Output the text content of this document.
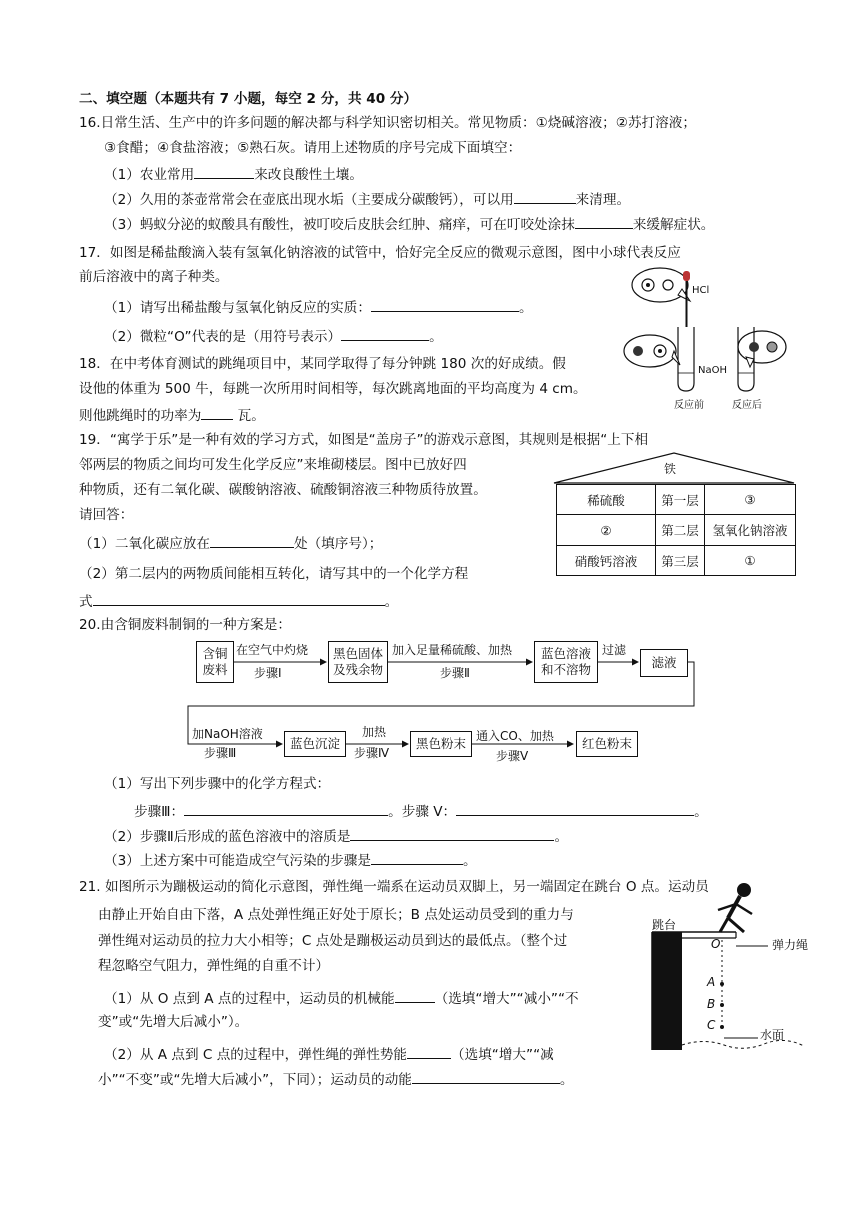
二、填空题（本题共有 7 小题，每空 2 分，共 40 分）
16.日常生活、生产中的许多问题的解决都与科学知识密切相关。常见物质：①烧碱溶液；②苏打溶液；
③食醋；④食盐溶液；⑤熟石灰。请用上述物质的序号完成下面填空：
（1）农业常用	来改良酸性土壤。
（2）久用的茶壶常常会在壶底出现水垢（主要成分碳酸钙），可以用	来清理。
（3）蚂蚁分泌的蚁酸具有酸性，被叮咬后皮肤会红肿、痛痒，可在叮咬处涂抹	来缓解症状。
17．如图是稀盐酸滴入装有氢氧化钠溶液的试管中，恰好完全反应的微观示意图，图中小球代表反应
前后溶液中的离子种类。
（1）请写出稀盐酸与氢氧化钠反应的实质：	。
（2）微粒“O”代表的是（用符号表示）	。
HCl
NaOH
反应前	反应后
18．在中考体育测试的跳绳项目中，某同学取得了每分钟跳 180 次的好成绩。假
设他的体重为 500 牛，每跳一次所用时间相等，每次跳离地面的平均高度为 4 cm。
则他跳绳时的功率为	瓦。
19．“寓学于乐”是一种有效的学习方式，如图是“盖房子”的游戏示意图，其规则是根据“上下相
邻两层的物质之间均可发生化学反应”来堆砌楼层。图中已放好四
种物质，还有二氧化碳、碳酸钠溶液、硫酸铜溶液三种物质待放置。
请回答：
（1）二氧化碳应放在	处（填序号）；
（2）第二层内的两物质间能相互转化，请写其中的一个化学方程
式	。
铁
稀硫酸	第一层	③
②	第二层	氢氧化钠溶液
硝酸钙溶液	第三层	①
20.由含铜废料制铜的一种方案是：
含铜
废料
在空气中灼烧
步骤Ⅰ
黑色固体
及残余物
加入足量稀硫酸、加热
步骤Ⅱ
蓝色溶液
和不溶物
过滤
滤液
加NaOH溶液
步骤Ⅲ
蓝色沉淀
加热
步骤Ⅳ
黑色粉末 通入CO、加热
步骤Ⅴ
红色粉末
（1）写出下列步骤中的化学方程式：
步骤Ⅲ：	。步骤 V：	。
（2）步骤Ⅱ后形成的蓝色溶液中的溶质是	。
（3）上述方案中可能造成空气污染的步骤是	。
21. 如图所示为蹦极运动的简化示意图，弹性绳一端系在运动员双脚上，另一端固定在跳台 O 点。运动员
由静止开始自由下落，A 点处弹性绳正好处于原长；B 点处运动员受到的重力与
弹性绳对运动员的拉力大小相等；C 点处是蹦极运动员到达的最低点。（整个过
程忽略空气阻力，弹性绳的自重不计）
（1）从 O 点到 A 点的过程中，运动员的机械能	（选填“增大”“减小”“不
变”或“先增大后减小”）。
（2）从 A 点到 C 点的过程中，弹性绳的弹性势能	（选填“增大”“减
小”“不变”或“先增大后减小”，下同）；运动员的动能	。
跳台
O	弹力绳
A
B
C
水面
